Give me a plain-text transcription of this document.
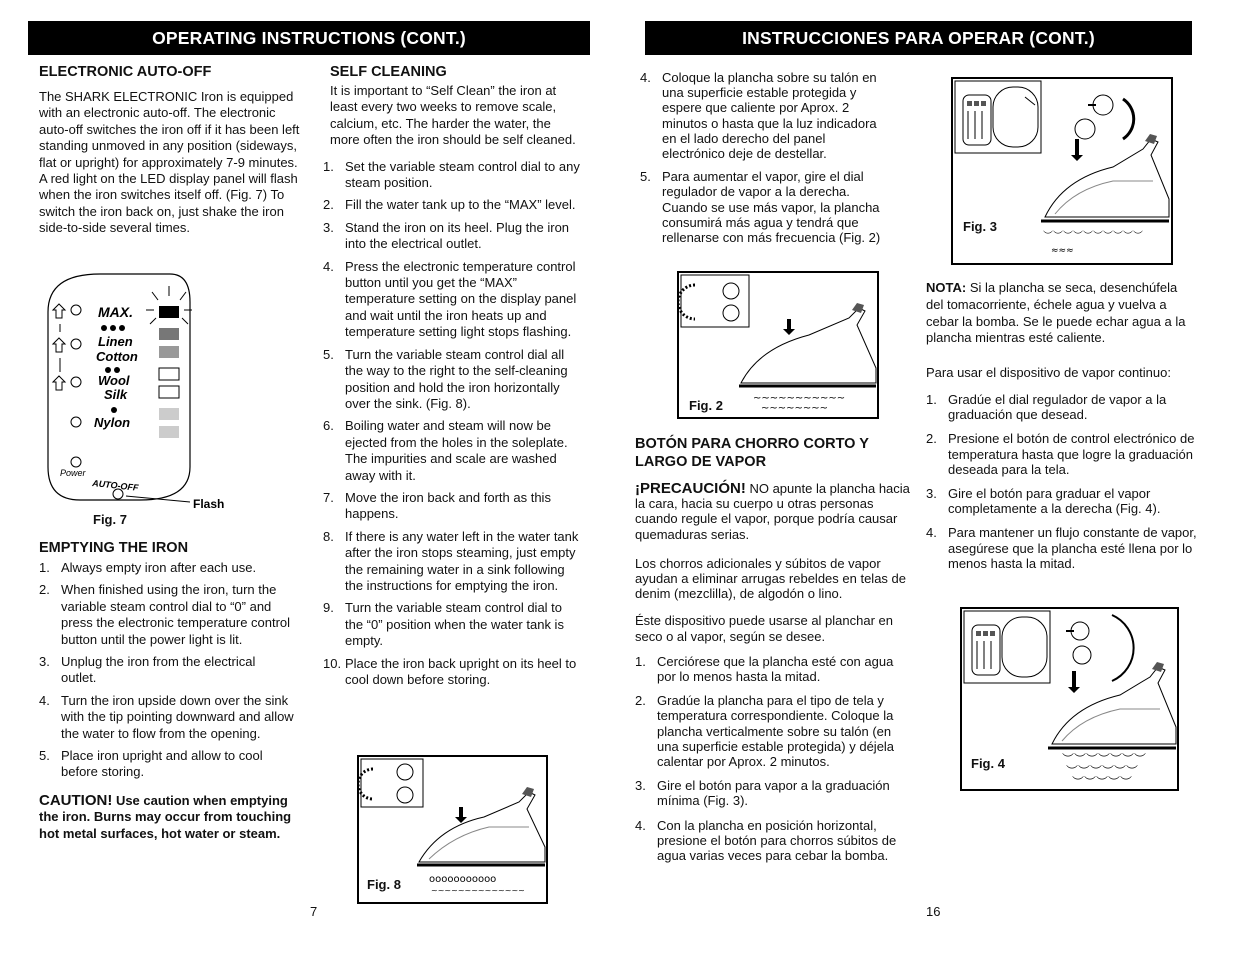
OPERATING INSTRUCTIONS (CONT.)

ELECTRONIC AUTO-OFF

The SHARK ELECTRONIC Iron is equipped with an electronic auto-off. The electronic auto-off switches the iron off if it has been left standing unmoved in any position (sideways, flat or upright) for approximately 7-9 minutes. A red light on the LED display panel will flash when the iron switches itself off. (Fig. 7) To switch the iron back on, just shake the iron side-to-side several times.

MAX.
Linen
Cotton
Wool
Silk
Nylon
Power
AUTO-OFF
Flash
Fig. 7

EMPTYING THE IRON

1. Always empty iron after each use.
2. When finished using the iron, turn the variable steam control dial to “0” and press the electronic temperature control button until the power light is lit.
3. Unplug the iron from the electrical outlet.
4. Turn the iron upside down over the sink with the tip pointing downward and allow the water to flow from the opening.
5. Place iron upright and allow to cool before storing.

CAUTION! Use caution when emptying the iron. Burns may occur from touching hot metal surfaces, hot water or steam.

SELF CLEANING

It is important to “Self Clean” the iron at least every two weeks to remove scale, calcium, etc. The harder the water, the more often the iron should be self cleaned.

1. Set the variable steam control dial to any steam position.
2. Fill the water tank up to the “MAX” level.
3. Stand the iron on its heel. Plug the iron into the electrical outlet.
4. Press the electronic temperature control button until you get the “MAX” temperature setting on the display panel and wait until the iron heats up and temperature setting light stops flashing.
5. Turn the variable steam control dial all the way to the right to the self-cleaning position and hold the iron horizontally over the sink. (Fig. 8).
6. Boiling water and steam will now be ejected from the holes in the soleplate. The impurities and scale are washed away with it.
7. Move the iron back and forth as this happens.
8. If there is any water left in the water tank after the iron stops steaming, just empty the remaining water in a sink following the instructions for emptying the iron.
9. Turn the variable steam control dial to the “0” position when the water tank is empty.
10. Place the iron back upright on its heel to cool down before storing.
ooooooooooo
~~~~~~~~~~~~~~
Fig. 8
7
INSTRUCCIONES PARA OPERAR (CONT.)
4. Coloque la plancha sobre su talón en una superficie estable protegida y espere que caliente por Aprox. 2 minutos o hasta que la luz indicadora en el lado derecho del panel electrónico deje de destellar.
5. Para aumentar el vapor, gire el dial regulador de vapor a la derecha. Cuando se use más vapor, la plancha consumirá más agua y tendrá que rellenarse con más frecuencia (Fig. 2)
~~~~~~~~~~~
~~~~~~~~
Fig. 2

BOTÓN PARA CHORRO CORTO Y LARGO DE VAPOR

¡PRECAUCIÓN! NO apunte la plancha hacia la cara, hacia su cuerpo u otras personas cuando regule el vapor, porque podría causar quemaduras serias.

Los chorros adicionales y súbitos de vapor ayudan a eliminar arrugas rebeldes en telas de denim (mezclilla), de algodón o lino.

Éste dispositivo puede usarse al planchar en seco o al vapor, según se desee.

1. Cerciórese que la plancha esté con agua por lo menos hasta la mitad.
2. Gradúe la plancha para el tipo de tela y temperatura correspondiente. Coloque la plancha verticalmente sobre su talón (en una superficie estable protegida) y déjela calentar por Aprox. 2 minutos.
3. Gire el botón para vapor a la graduación mínima (Fig. 3).
4. Con la plancha en posición horizontal, presione el botón para chorros súbitos de agua varias veces para cebar la bomba.
︶︶︶︶︶︶︶︶︶︶
≈≈≈
Fig. 3

NOTA: Si la plancha se seca, desenchúfela del tomacorriente, échele agua y vuelva a cebar la bomba. Se le puede echar agua a la plancha mientras esté caliente.

Para usar el dispositivo de vapor continuo:

1. Gradúe el dial regulador de vapor a la graduación que desead.
2. Presione el botón de control electrónico de temperatura hasta que logre la graduación deseada para la tela.
3. Gire el botón para graduar el vapor completamente a la derecha (Fig. 4).
4. Para mantener un flujo constante de vapor, asegúrese que la plancha esté llena por lo menos hasta la mitad.
︶︶︶︶︶︶︶
︶︶︶︶︶︶
︶︶︶︶︶
Fig. 4
16
